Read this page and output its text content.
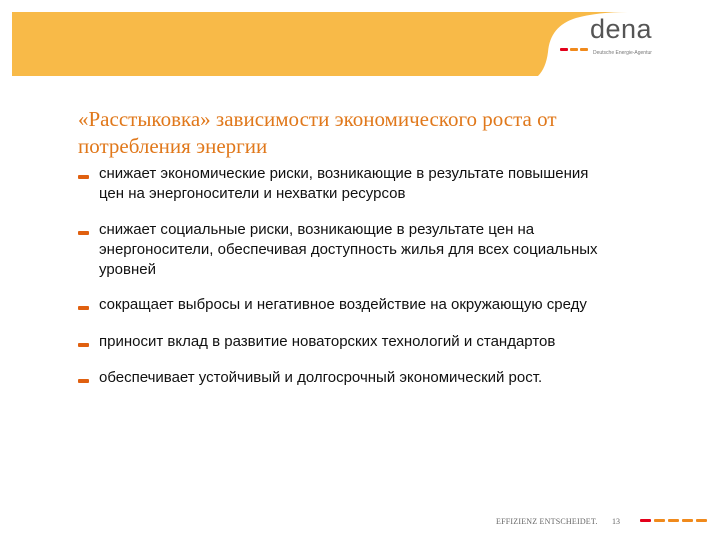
dena
Deutsche Energie-Agentur
«Расстыковка» зависимости экономического роста от потребления энергии
снижает экономические риски, возникающие в результате повышения цен на энергоносители и нехватки ресурсов
снижает социальные риски, возникающие в результате цен на энергоносители, обеспечивая доступность жилья для всех социальных уровней
сокращает выбросы и негативное воздействие на окружающую среду
приносит вклад в развитие новаторских технологий и стандартов
обеспечивает устойчивый и долгосрочный экономический рост.
EFFIZIENZ ENTSCHEIDET. 13
